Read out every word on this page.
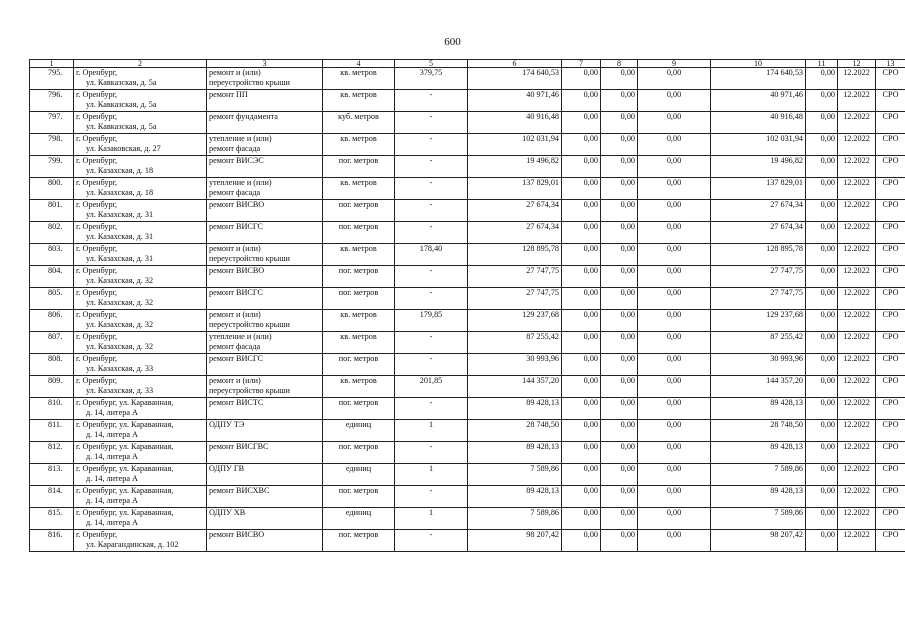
600
1	2	3	4	5	6	7	8	9	10	11	12	13
795.	г. Оренбург,
ул. Кавказская, д. 5а	ремонт и (или)
переустройство крыши	кв. метров	379,75	174 640,53	0,00	0,00	0,00	174 640,53	0,00	12.2022	СРО
796.	г. Оренбург,
ул. Кавказская, д. 5а	ремонт ПП	кв. метров	-	40 971,46	0,00	0,00	0,00	40 971,46	0,00	12.2022	СРО
797.	г. Оренбург,
ул. Кавказская, д. 5а	ремонт фундамента	куб. метров	-	40 916,48	0,00	0,00	0,00	40 916,48	0,00	12.2022	СРО
798.	г. Оренбург,
ул. Казаковская, д. 27	утепление и (или)
ремонт фасада	кв. метров	-	102 031,94	0,00	0,00	0,00	102 031,94	0,00	12.2022	СРО
799.	г. Оренбург,
ул. Казахская, д. 18	ремонт ВИСЭС	пог. метров	-	19 496,82	0,00	0,00	0,00	19 496,82	0,00	12.2022	СРО
800.	г. Оренбург,
ул. Казахская, д. 18	утепление и (или)
ремонт фасада	кв. метров	-	137 829,01	0,00	0,00	0,00	137 829,01	0,00	12.2022	СРО
801.	г. Оренбург,
ул. Казахская, д. 31	ремонт ВИСВО	пог. метров	-	27 674,34	0,00	0,00	0,00	27 674,34	0,00	12.2022	СРО
802.	г. Оренбург,
ул. Казахская, д. 31	ремонт ВИСГС	пог. метров	-	27 674,34	0,00	0,00	0,00	27 674,34	0,00	12.2022	СРО
803.	г. Оренбург,
ул. Казахская, д. 31	ремонт и (или)
переустройство крыши	кв. метров	178,40	128 895,78	0,00	0,00	0,00	128 895,78	0,00	12.2022	СРО
804.	г. Оренбург,
ул. Казахская, д. 32	ремонт ВИСВО	пог. метров	-	27 747,75	0,00	0,00	0,00	27 747,75	0,00	12.2022	СРО
805.	г. Оренбург,
ул. Казахская, д. 32	ремонт ВИСГС	пог. метров	-	27 747,75	0,00	0,00	0,00	27 747,75	0,00	12.2022	СРО
806.	г. Оренбург,
ул. Казахская, д. 32	ремонт и (или)
переустройство крыши	кв. метров	179,85	129 237,68	0,00	0,00	0,00	129 237,68	0,00	12.2022	СРО
807.	г. Оренбург,
ул. Казахская, д. 32	утепление и (или)
ремонт фасада	кв. метров	-	87 255,42	0,00	0,00	0,00	87 255,42	0,00	12.2022	СРО
808.	г. Оренбург,
ул. Казахская, д. 33	ремонт ВИСГС	пог. метров	-	30 993,96	0,00	0,00	0,00	30 993,96	0,00	12.2022	СРО
809.	г. Оренбург,
ул. Казахская, д. 33	ремонт и (или)
переустройство крыши	кв. метров	201,85	144 357,20	0,00	0,00	0,00	144 357,20	0,00	12.2022	СРО
810.	г. Оренбург, ул. Караванная,
д. 14, литера А	ремонт ВИСТС	пог. метров	-	89 428,13	0,00	0,00	0,00	89 428,13	0,00	12.2022	СРО
811.	г. Оренбург, ул. Караванная,
д. 14, литера А	ОДПУ ТЭ	единиц	1	28 748,50	0,00	0,00	0,00	28 748,50	0,00	12.2022	СРО
812.	г. Оренбург, ул. Караванная,
д. 14, литера А	ремонт ВИСГВС	пог. метров	-	89 428,13	0,00	0,00	0,00	89 428,13	0,00	12.2022	СРО
813.	г. Оренбург, ул. Караванная,
д. 14, литера А	ОДПУ ГВ	единиц	1	7 589,86	0,00	0,00	0,00	7 589,86	0,00	12.2022	СРО
814.	г. Оренбург, ул. Караванная,
д. 14, литера А	ремонт ВИСХВС	пог. метров	-	89 428,13	0,00	0,00	0,00	89 428,13	0,00	12.2022	СРО
815.	г. Оренбург, ул. Караванная,
д. 14, литера А	ОДПУ ХВ	единиц	1	7 589,86	0,00	0,00	0,00	7 589,86	0,00	12.2022	СРО
816.	г. Оренбург,
ул. Карагандинская, д. 102	ремонт ВИСВО	пог. метров	-	98 207,42	0,00	0,00	0,00	98 207,42	0,00	12.2022	СРО
